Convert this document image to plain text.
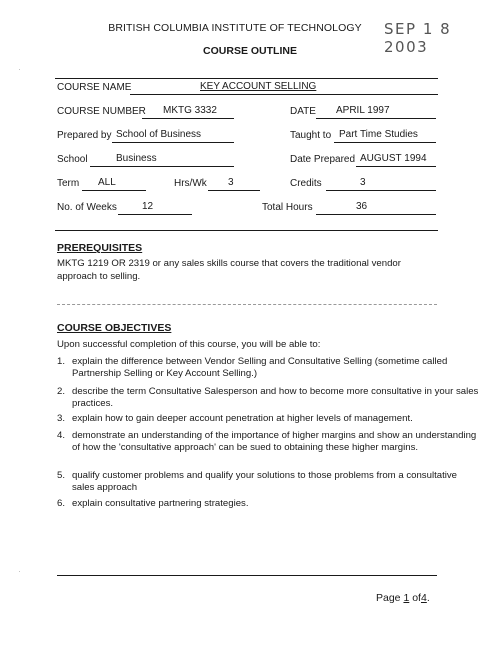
BRITISH COLUMBIA INSTITUTE OF TECHNOLOGY	SEP 1 8 2003
COURSE OUTLINE
·
COURSE NAME	KEY ACCOUNT SELLING
COURSE NUMBER MKTG 3332	DATE APRIL 1997
Prepared by School of Business	Taught to Part Time Studies
School	Business	Date Prepared AUGUST 1994
Term ALL	Hrs/Wk 3	Credits	3
No. of Weeks	12	Total Hours	36
PREREQUISITES
MKTG 1219 OR 2319 or any sales skills course that covers the traditional vendor approach to selling.
COURSE OBJECTIVES
Upon successful completion of this course, you will be able to:
1. explain the difference between Vendor Selling and Consultative Selling (sometime called Partnership Selling or Key Account Selling.)
2. describe the term Consultative Salesperson and how to become more consultative in your sales practices.
3. explain how to gain deeper account penetration at higher levels of management.
4. demonstrate an understanding of the importance of higher margins and show an understanding of how the 'consultative approach' can be sued to obtaining these higher margins.
5. qualify customer problems and qualify your solutions to those problems from a consultative sales approach
6. explain consultative partnering strategies.
·
Page 1 of4.
